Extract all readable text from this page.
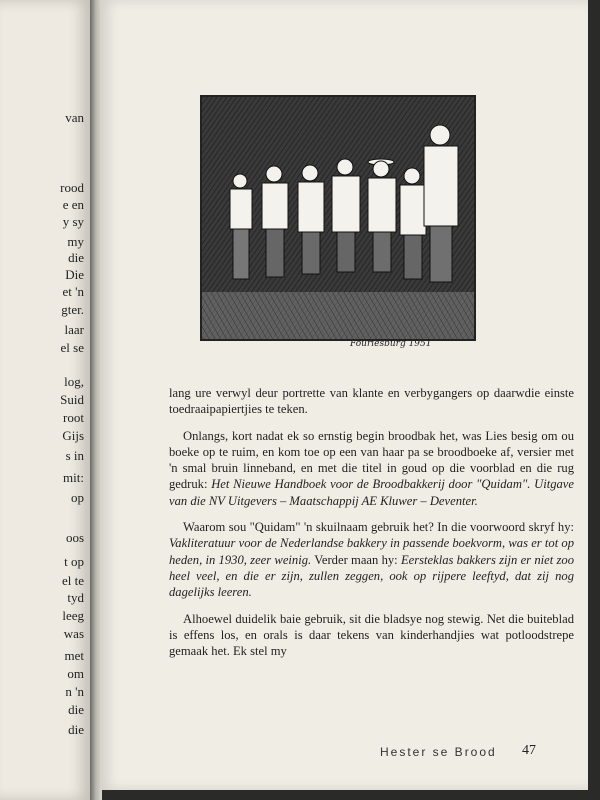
van
rood
e en
y sy
my
die
Die
et 'n
gter.
laar
el se
log,
Suid
root
Gijs
s in
mit:
op
oos
t op
el te
tyd
leeg
was
met
om
n 'n
die
die
Fouriesburg 1951

lang ure verwyl deur portrette van klante en verbygangers op daarwdie einste toedraaipapiertjies te teken.

Onlangs, kort nadat ek so ernstig begin broodbak het, was Lies besig om ou boeke op te ruim, en kom toe op een van haar pa se broodboeke af, versier met 'n smal bruin linneband, en met die titel in goud op die voorblad en die rug gedruk: Het Nieuwe Handboek voor de Broodbakkerij door "Quidam". Uitgave van die NV Uitgevers – Maatschappij AE Kluwer – Deventer.

Waarom sou "Quidam" 'n skuilnaam gebruik het? In die voorwoord skryf hy: Vakliteratuur voor de Nederlandse bakkery in passende boekvorm, was er tot op heden, in 1930, zeer weinig. Verder maan hy: Eersteklas bakkers zijn er niet zoo heel veel, en die er zijn, zullen zeggen, ook op rijpere leeftyd, dat zij nog dagelijks leeren.

Alhoewel duidelik baie gebruik, sit die bladsye nog stewig. Net die buiteblad is effens los, en orals is daar tekens van kinderhandjies wat potloodstrepe gemaak het. Ek stel my

Hester se Brood 47
